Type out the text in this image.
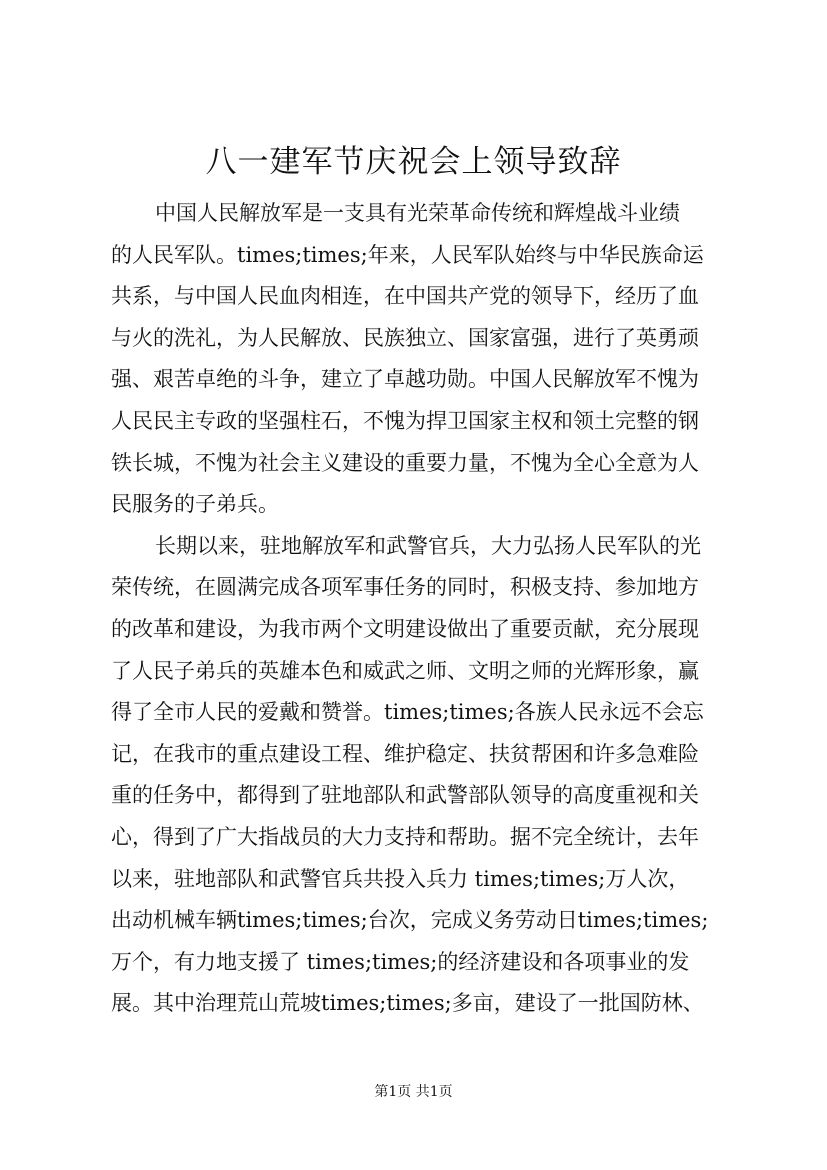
八一建军节庆祝会上领导致辞
中国人民解放军是一支具有光荣革命传统和辉煌战斗业绩
的人民军队。times;times;年来，人民军队始终与中华民族命运
共系，与中国人民血肉相连，在中国共产党的领导下，经历了血
与火的洗礼，为人民解放、民族独立、国家富强，进行了英勇顽
强、艰苦卓绝的斗争，建立了卓越功勋。中国人民解放军不愧为
人民民主专政的坚强柱石，不愧为捍卫国家主权和领土完整的钢
铁长城，不愧为社会主义建设的重要力量，不愧为全心全意为人
民服务的子弟兵。
长期以来，驻地解放军和武警官兵，大力弘扬人民军队的光
荣传统，在圆满完成各项军事任务的同时，积极支持、参加地方
的改革和建设，为我市两个文明建设做出了重要贡献，充分展现
了人民子弟兵的英雄本色和威武之师、文明之师的光辉形象，赢
得了全市人民的爱戴和赞誉。times;times;各族人民永远不会忘
记，在我市的重点建设工程、维护稳定、扶贫帮困和许多急难险
重的任务中，都得到了驻地部队和武警部队领导的高度重视和关
心，得到了广大指战员的大力支持和帮助。据不完全统计，去年
以来，驻地部队和武警官兵共投入兵力 times;times;万人次，
出动机械车辆times;times;台次，完成义务劳动日times;times;
万个，有力地支援了 times;times;的经济建设和各项事业的发
展。其中治理荒山荒坡times;times;多亩，建设了一批国防林、
第1页 共1页
